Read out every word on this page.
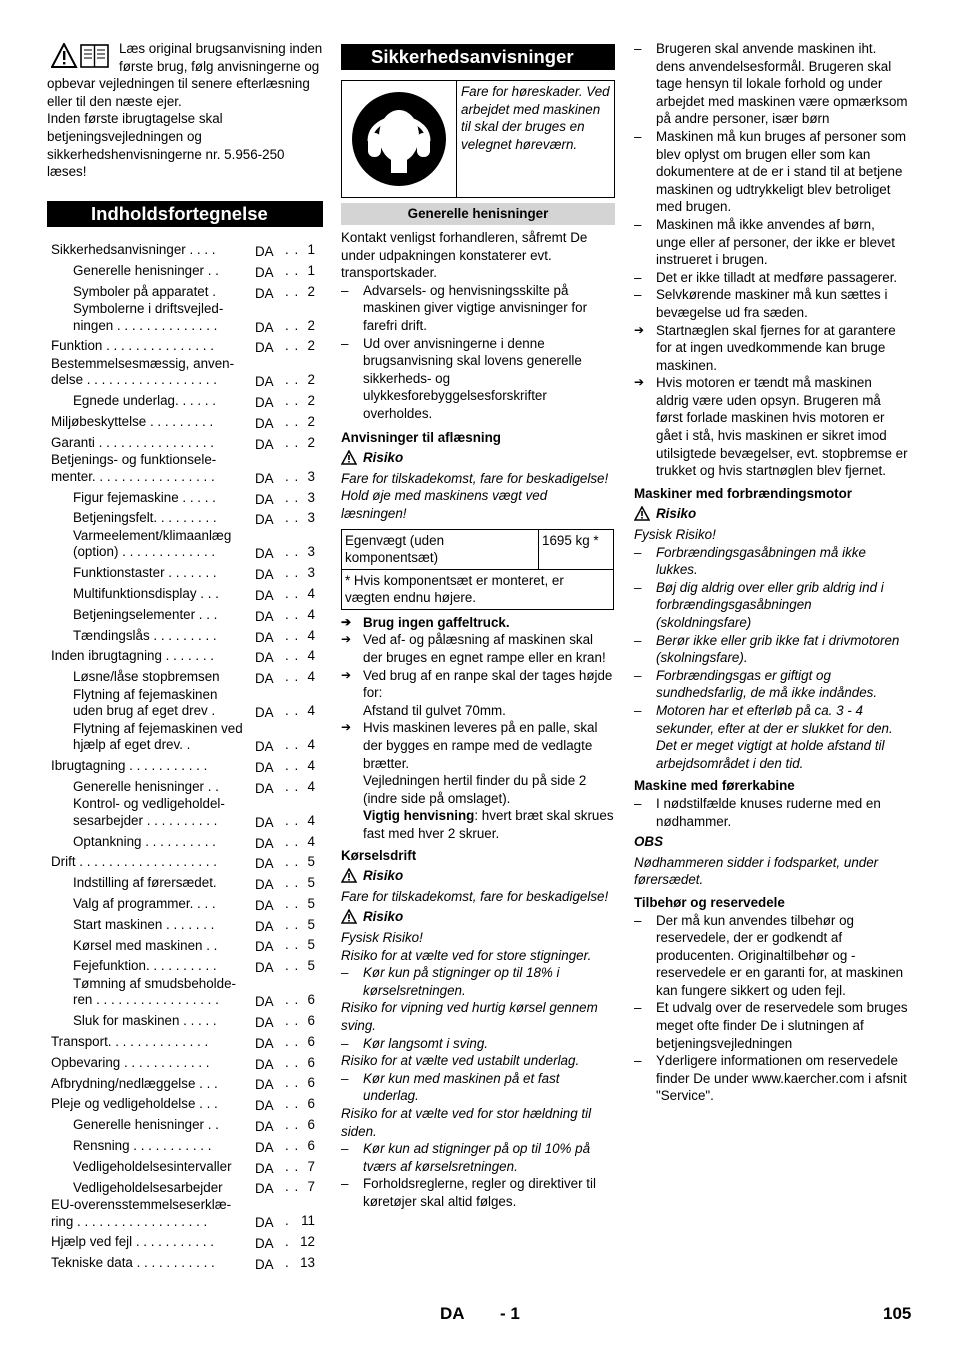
Læs original brugsanvisning inden første brug, følg anvisningerne og opbevar vejledningen til senere efterlæsning eller til den næste ejer.

Inden første ibrugtagelse skal betjeningsvejledningen og sikkerhedshenvisningerne nr. 5.956-250 læses!

Indholdsfortegnelse
Sikkerhedsanvisninger . . . .	DA . . 1
Generelle henisninger . .	DA . . 1
Symboler på apparatet .	DA . . 2
Symbolerne i driftsvejled-ningen . . . . . . . . . . . . . .	DA . . 2
Funktion . . . . . . . . . . . . . . .	DA . . 2
Bestemmelsesmæssig, anven-delse . . . . . . . . . . . . . . . . . .	DA . . 2
Egnede underlag. . . . . .	DA . . 2
Miljøbeskyttelse . . . . . . . . .	DA . . 2
Garanti . . . . . . . . . . . . . . . .	DA . . 2
Betjenings- og funktionsele-menter. . . . . . . . . . . . . . . . .	DA . . 3
Figur fejemaskine . . . . .	DA . . 3
Betjeningsfelt. . . . . . . . .	DA . . 3
Varmeelement/klimaanlæg (option) . . . . . . . . . . . . .	DA . . 3
Funktionstaster . . . . . . .	DA . . 3
Multifunktionsdisplay . . .	DA . . 4
Betjeningselementer . . .	DA . . 4
Tændingslås . . . . . . . . .	DA . . 4
Inden ibrugtagning . . . . . . .	DA . . 4
Løsne/låse stopbremsen	DA . . 4
Flytning af fejemaskinen uden brug af eget drev .	DA . . 4
Flytning af fejemaskinen ved hjælp af eget drev. .	DA . . 4
Ibrugtagning . . . . . . . . . . .	DA . . 4
Generelle henisninger . .	DA . . 4
Kontrol- og vedligeholdel-sesarbejder . . . . . . . . . .	DA . . 4
Optankning . . . . . . . . . .	DA . . 4
Drift . . . . . . . . . . . . . . . . . . .	DA . . 5
Indstilling af førersædet.	DA . . 5
Valg af programmer. . . .	DA . . 5
Start maskinen . . . . . . .	DA . . 5
Kørsel med maskinen . .	DA . . 5
Fejefunktion. . . . . . . . . .	DA . . 5
Tømning af smudsbeholde-ren . . . . . . . . . . . . . . . . .	DA . . 6
Sluk for maskinen . . . . .	DA . . 6
Transport. . . . . . . . . . . . . .	DA . . 6
Opbevaring . . . . . . . . . . . .	DA . . 6
Afbrydning/nedlæggelse . . .	DA . . 6
Pleje og vedligeholdelse . . .	DA . . 6
Generelle henisninger . .	DA . . 6
Rensning . . . . . . . . . . .	DA . . 6
Vedligeholdelsesintervaller	DA . . 7
Vedligeholdelsesarbejder	DA . . 7
EU-overensstemmelseserklæ-ring . . . . . . . . . . . . . . . . . .	DA . 11
Hjælp ved fejl . . . . . . . . . . .	DA . 12
Tekniske data . . . . . . . . . . .	DA . 13
Sikkerhedsanvisninger

Fare for høreskader. Ved arbejdet med maskinen til skal der bruges en velegnet høreværn.

Generelle henisninger

Kontakt venligst forhandleren, såfremt De under udpakningen konstaterer evt. transportskader.

– Advarsels- og henvisningsskilte på maskinen giver vigtige anvisninger for farefri drift.
– Ud over anvisningerne i denne brugsanvisning skal lovens generelle sikkerheds- og ulykkesforebyggelsesforskrifter overholdes.

Anvisninger til aflæsning

Risiko

Fare for tilskadekomst, fare for beskadigelse!

Hold øje med maskinens vægt ved læsningen!

Egenvægt (uden komponentsæt)	1695 kg *
* Hvis komponentsæt er monteret, er vægten endnu højere.
➔ Brug ingen gaffeltruck.
➔ Ved af- og pålæsning af maskinen skal der bruges en egnet rampe eller en kran!
➔ Ved brug af en ranpe skal der tages højde for:
Afstand til gulvet 70mm.
➔ Hvis maskinen leveres på en palle, skal der bygges en rampe med de vedlagte brætter.

Vejledningen hertil finder du på side 2 (indre side på omslaget).

Vigtig henvisning: hvert bræt skal skrues fast med hver 2 skruer.

Kørselsdrift

Risiko

Fare for tilskadekomst, fare for beskadigelse!

Risiko

Fysisk Risiko!

Risiko for at vælte ved for store stigninger.

– Kør kun på stigninger op til 18% i kørselsretningen.

Risiko for vipning ved hurtig kørsel gennem sving.

– Kør langsomt i sving.

Risiko for at vælte ved ustabilt underlag.

– Kør kun med maskinen på et fast underlag.

Risiko for at vælte ved for stor hældning til siden.

– Kør kun ad stigninger på op til 10% på tværs af kørselsretningen.
– Forholdsreglerne, regler og direktiver til køretøjer skal altid følges.
– Brugeren skal anvende maskinen iht. dens anvendelsesformål. Brugeren skal tage hensyn til lokale forhold og under arbejdet med maskinen være opmærksom på andre personer, især børn
– Maskinen må kun bruges af personer som blev oplyst om brugen eller som kan dokumentere at de er i stand til at betjene maskinen og udtrykkeligt blev betroliget med brugen.
– Maskinen må ikke anvendes af børn, unge eller af personer, der ikke er blevet instrueret i brugen.
– Det er ikke tilladt at medføre passagerer.
– Selvkørende maskiner må kun sættes i bevægelse ud fra sæden.
➔ Startnæglen skal fjernes for at garantere for at ingen uvedkommende kan bruge maskinen.
➔ Hvis motoren er tændt må maskinen aldrig være uden opsyn. Brugeren må først forlade maskinen hvis motoren er gået i stå, hvis maskinen er sikret imod utilsigtede bevægelser, evt. stopbremse er trukket og hvis startnøglen blev fjernet.

Maskiner med forbrændingsmotor

Risiko

Fysisk Risiko!

– Forbrændingsgasåbningen må ikke lukkes.
– Bøj dig aldrig over eller grib aldrig ind i forbrændingsgasåbningen (skoldningsfare)
– Berør ikke eller grib ikke fat i drivmotoren (skolningsfare).
– Forbrændingsgas er giftigt og sundhedsfarlig, de må ikke indåndes.
– Motoren har et efterløb på ca. 3 - 4 sekunder, efter at der er slukket for den. Det er meget vigtigt at holde afstand til arbejdsområdet i den tid.

Maskine med førerkabine

– I nødstilfælde knuses ruderne med en nødhammer.

OBS

Nødhammeren sidder i fodsparket, under førersædet.

Tilbehør og reservedele

– Der må kun anvendes tilbehør og reservedele, der er godkendt af producenten. Originaltilbehør og -reservedele er en garanti for, at maskinen kan fungere sikkert og uden fejl.
– Et udvalg over de reservedele som bruges meget ofte finder De i slutningen af betjeningsvejledningen
– Yderligere informationen om reservedele finder De under www.kaercher.com i afsnit "Service".
DA - 1	105
